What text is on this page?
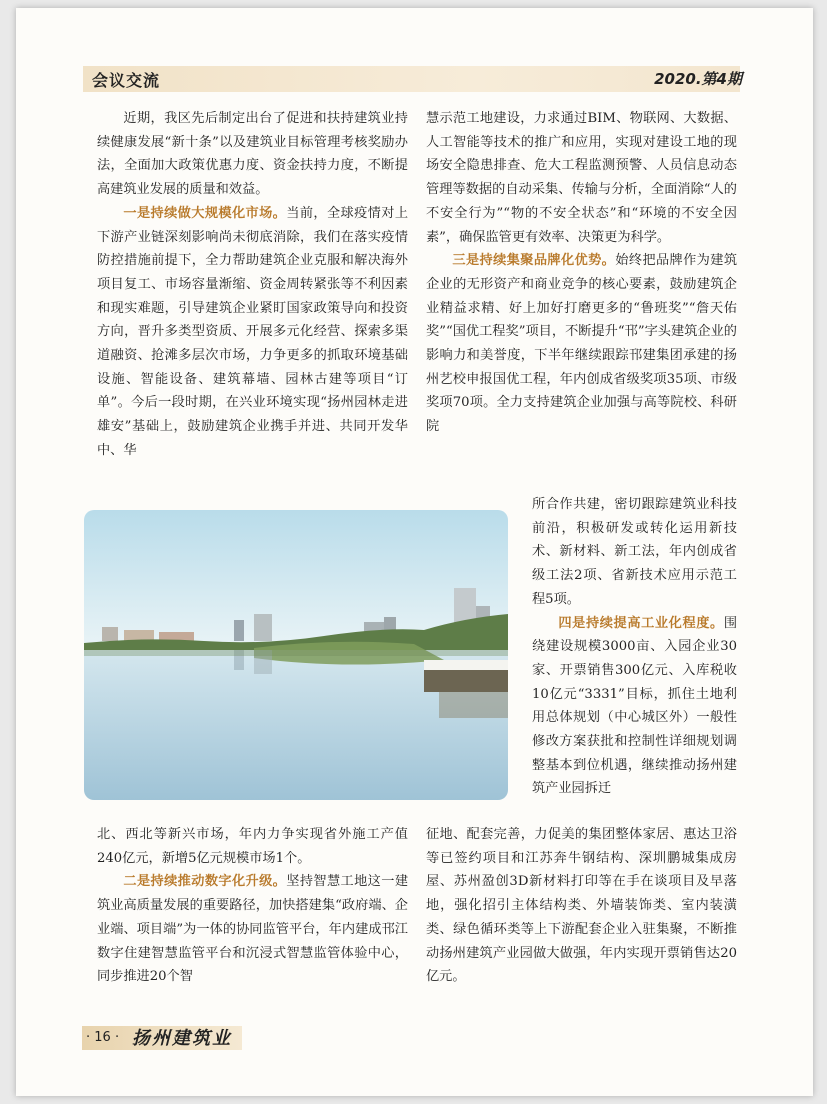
会议交流	2020.第4期

近期，我区先后制定出台了促进和扶持建筑业持续健康发展“新十条”以及建筑业目标管理考核奖励办法，全面加大政策优惠力度、资金扶持力度，不断提高建筑业发展的质量和效益。

一是持续做大规模化市场。当前，全球疫情对上下游产业链深刻影响尚未彻底消除，我们在落实疫情防控措施前提下，全力帮助建筑企业克服和解决海外项目复工、市场容量渐缩、资金周转紧张等不利因素和现实难题，引导建筑企业紧盯国家政策导向和投资方向，晋升多类型资质、开展多元化经营、探索多渠道融资、抢滩多层次市场，力争更多的抓取环境基础设施、智能设备、建筑幕墙、园林古建等项目“订单”。今后一段时期，在兴业环境实现“扬州园林走进雄安”基础上，鼓励建筑企业携手并进、共同开发华中、华

北、西北等新兴市场，年内力争实现省外施工产值240亿元，新增5亿元规模市场1个。

二是持续推动数字化升级。坚持智慧工地这一建筑业高质量发展的重要路径，加快搭建集“政府端、企业端、项目端”为一体的协同监管平台，年内建成邗江数字住建智慧监管平台和沉浸式智慧监管体验中心，同步推进20个智

慧示范工地建设，力求通过BIM、物联网、大数据、人工智能等技术的推广和应用，实现对建设工地的现场安全隐患排查、危大工程监测预警、人员信息动态管理等数据的自动采集、传输与分析，全面消除“人的不安全行为”“物的不安全状态”和“环境的不安全因素”，确保监管更有效率、决策更为科学。

三是持续集聚品牌化优势。始终把品牌作为建筑企业的无形资产和商业竞争的核心要素，鼓励建筑企业精益求精、好上加好打磨更多的“鲁班奖”“詹天佑奖”“国优工程奖”项目，不断提升“邗”字头建筑企业的影响力和美誉度，下半年继续跟踪邗建集团承建的扬州艺校申报国优工程，年内创成省级奖项35项、市级奖项70项。全力支持建筑企业加强与高等院校、科研院

所合作共建，密切跟踪建筑业科技前沿，积极研发或转化运用新技术、新材料、新工法，年内创成省级工法2项、省新技术应用示范工程5项。

四是持续提高工业化程度。围绕建设规模3000亩、入园企业30家、开票销售300亿元、入库税收10亿元“3331”目标，抓住土地利用总体规划（中心城区外）一般性修改方案获批和控制性详细规划调整基本到位机遇，继续推动扬州建筑产业园拆迁

征地、配套完善，力促美的集团整体家居、惠达卫浴等已签约项目和江苏奔牛钢结构、深圳鹏城集成房屋、苏州盈创3D新材料打印等在手在谈项目及早落地，强化招引主体结构类、外墙装饰类、室内装潢类、绿色循环类等上下游配套企业入驻集聚，不断推动扬州建筑产业园做大做强，年内实现开票销售达20亿元。

· 16 · 扬州建筑业
